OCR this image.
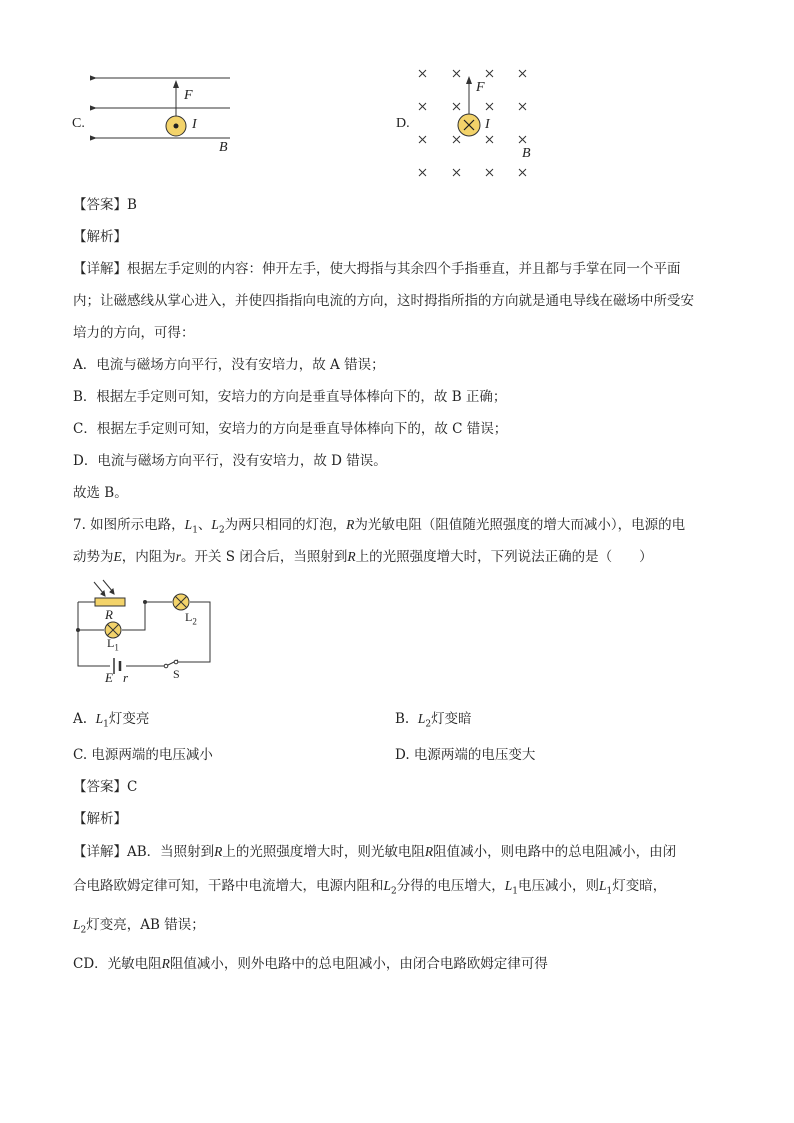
C.
F
I
B
D.
F
I
B
【答案】B
【解析】
【详解】根据左手定则的内容：伸开左手，使大拇指与其余四个手指垂直，并且都与手掌在同一个平面
内；让磁感线从掌心进入，并使四指指向电流的方向，这时拇指所指的方向就是通电导线在磁场中所受安
培力的方向，可得：
A．电流与磁场方向平行，没有安培力，故 A 错误；
B．根据左手定则可知，安培力的方向是垂直导体棒向下的，故 B 正确；
C．根据左手定则可知，安培力的方向是垂直导体棒向下的，故 C 错误；
D．电流与磁场方向平行，没有安培力，故 D 错误。
故选 B。
7. 如图所示电路，$L_1$、$L_2$为两只相同的灯泡，R为光敏电阻（阻值随光照强度的增大而减小），电源的电
动势为E，内阻为r。开关 S 闭合后，当照射到R上的光照强度增大时，下列说法正确的是（　　）
R
$L_1$
$L_2$
E r	S
A. $L_1$灯变亮	B. $L_2$灯变暗
C. 电源两端的电压减小	D. 电源两端的电压变大
【答案】C
【解析】
【详解】AB．当照射到R上的光照强度增大时，则光敏电阻R阻值减小，则电路中的总电阻减小，由闭
合电路欧姆定律可知，干路中电流增大，电源内阻和$L_2$分得的电压增大，$L_1$电压减小，则$L_1$灯变暗，
$L_2$灯变亮，AB 错误；
CD．光敏电阻R阻值减小，则外电路中的总电阻减小，由闭合电路欧姆定律可得
